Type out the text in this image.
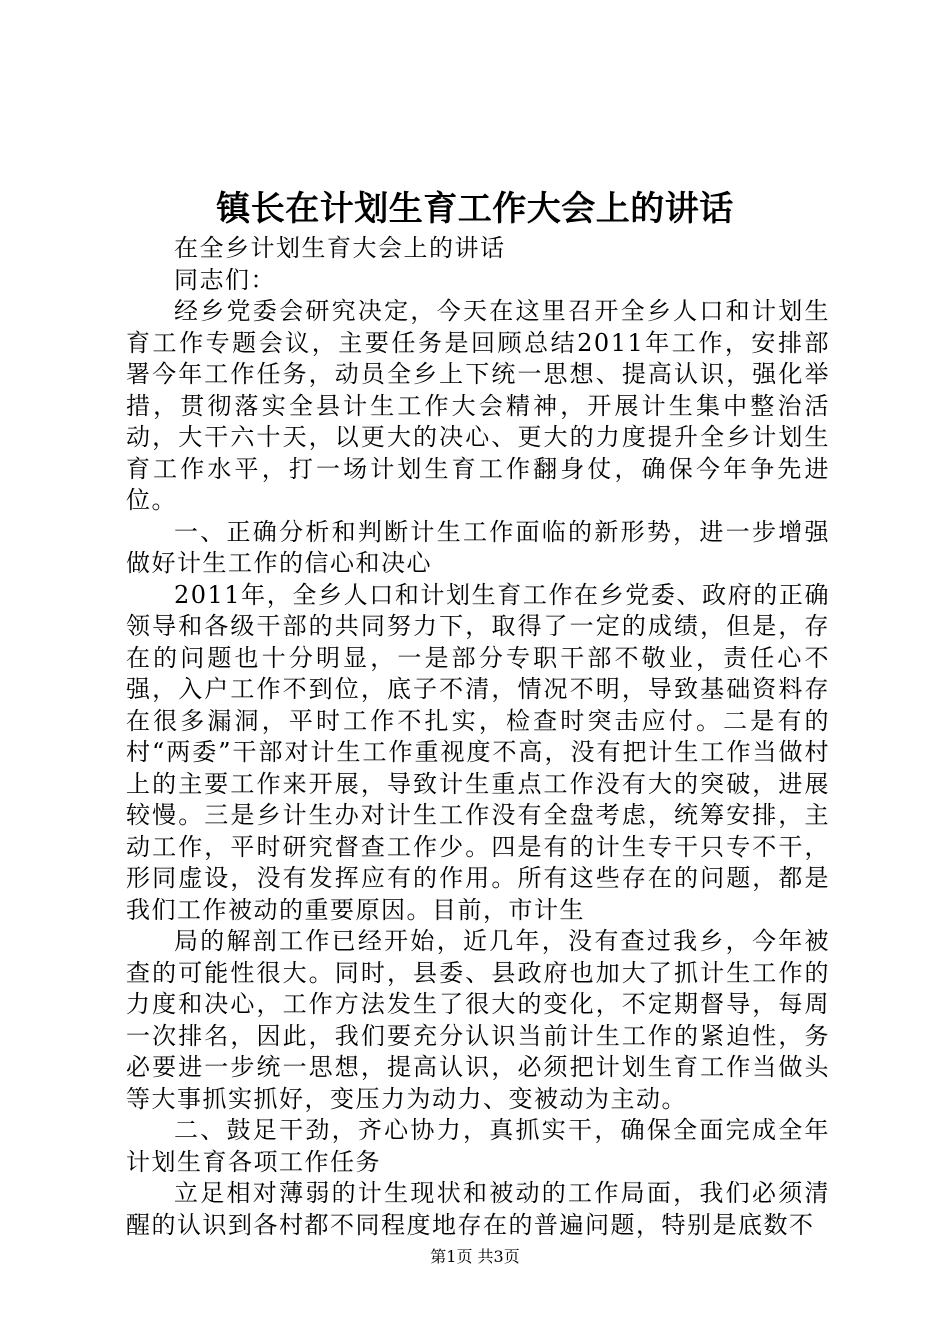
镇长在计划生育工作大会上的讲话

在全乡计划生育大会上的讲话

同志们：

经乡党委会研究决定，今天在这里召开全乡人口和计划生育工作专题会议，主要任务是回顾总结2011年工作，安排部署今年工作任务，动员全乡上下统一思想、提高认识，强化举措，贯彻落实全县计生工作大会精神，开展计生集中整治活动，大干六十天，以更大的决心、更大的力度提升全乡计划生育工作水平，打一场计划生育工作翻身仗，确保今年争先进位。

一、正确分析和判断计生工作面临的新形势，进一步增强做好计生工作的信心和决心

2011年，全乡人口和计划生育工作在乡党委、政府的正确领导和各级干部的共同努力下，取得了一定的成绩，但是，存在的问题也十分明显，一是部分专职干部不敬业，责任心不强，入户工作不到位，底子不清，情况不明，导致基础资料存在很多漏洞，平时工作不扎实，检查时突击应付。二是有的村“两委”干部对计生工作重视度不高，没有把计生工作当做村上的主要工作来开展，导致计生重点工作没有大的突破，进展较慢。三是乡计生办对计生工作没有全盘考虑，统筹安排，主动工作，平时研究督查工作少。四是有的计生专干只专不干，形同虚设，没有发挥应有的作用。所有这些存在的问题，都是我们工作被动的重要原因。目前，市计生

局的解剖工作已经开始，近几年，没有查过我乡，今年被查的可能性很大。同时，县委、县政府也加大了抓计生工作的力度和决心，工作方法发生了很大的变化，不定期督导，每周一次排名，因此，我们要充分认识当前计生工作的紧迫性，务必要进一步统一思想，提高认识，必须把计划生育工作当做头等大事抓实抓好，变压力为动力、变被动为主动。

二、鼓足干劲，齐心协力，真抓实干，确保全面完成全年计划生育各项工作任务

立足相对薄弱的计生现状和被动的工作局面，我们必须清醒的认识到各村都不同程度地存在的普遍问题，特别是底数不

第1页 共3页
